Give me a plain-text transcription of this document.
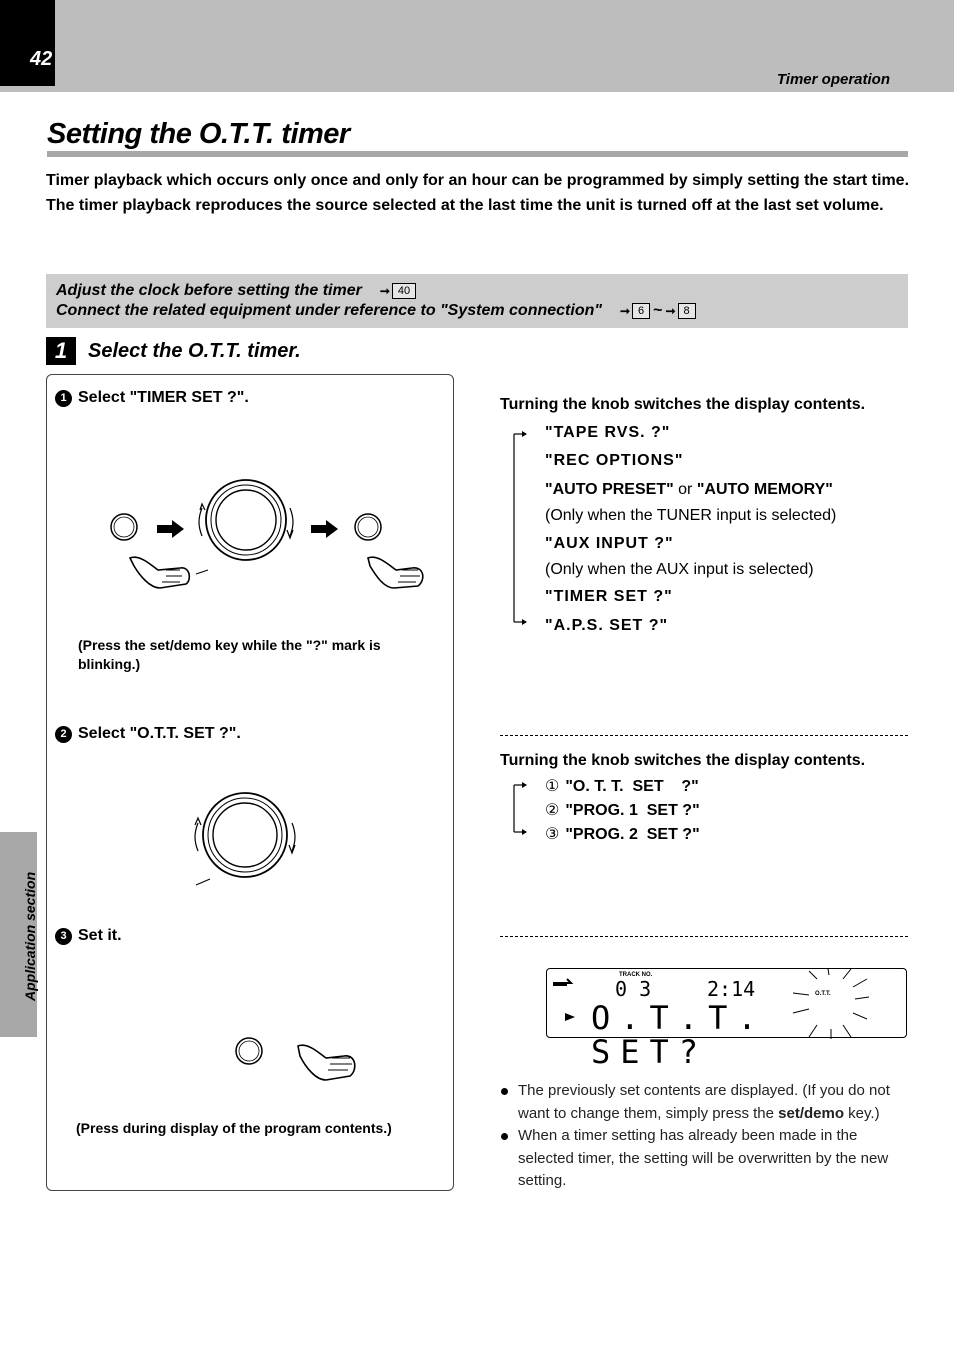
42
Timer operation
Setting the O.T.T. timer

Timer playback which occurs only once and only for an hour can be programmed by simply setting the start time. The timer playback reproduces the source selected at the last time the unit is turned off at the last set volume.

Adjust the clock before setting the timer ➞ 40
Connect the related equipment under reference to "System connection" ➞ 6 ~ ➞ 8
1	Select the O.T.T. timer.
1 Select "TIMER SET ?".

(Press the set/demo key while the "?" mark is blinking.)

2 Select "O.T.T. SET ?".
3 Set it.

(Press during display of the program contents.)

Application section
Turning the knob switches the display contents.
"TAPE RVS. ?"
"REC OPTIONS"
"AUTO PRESET" or "AUTO MEMORY"
(Only when the TUNER input is selected)
"AUX INPUT ?"
(Only when the AUX input is selected)
"TIMER SET ?"
"A.P.S. SET ?"
Turning the knob switches the display contents.
① "O. T. T.  SET    ?"
② "PROG. 1  SET ?"
③ "PROG. 2  SET ?"
TRACK NO.
0 3	2:14	O.T.T.
O.T.T. SET?

The previously set contents are displayed. (If you do not want to change them, simply press the set/demo key.)

When a timer setting has already been made in the selected timer, the setting will be overwritten by the new setting.
